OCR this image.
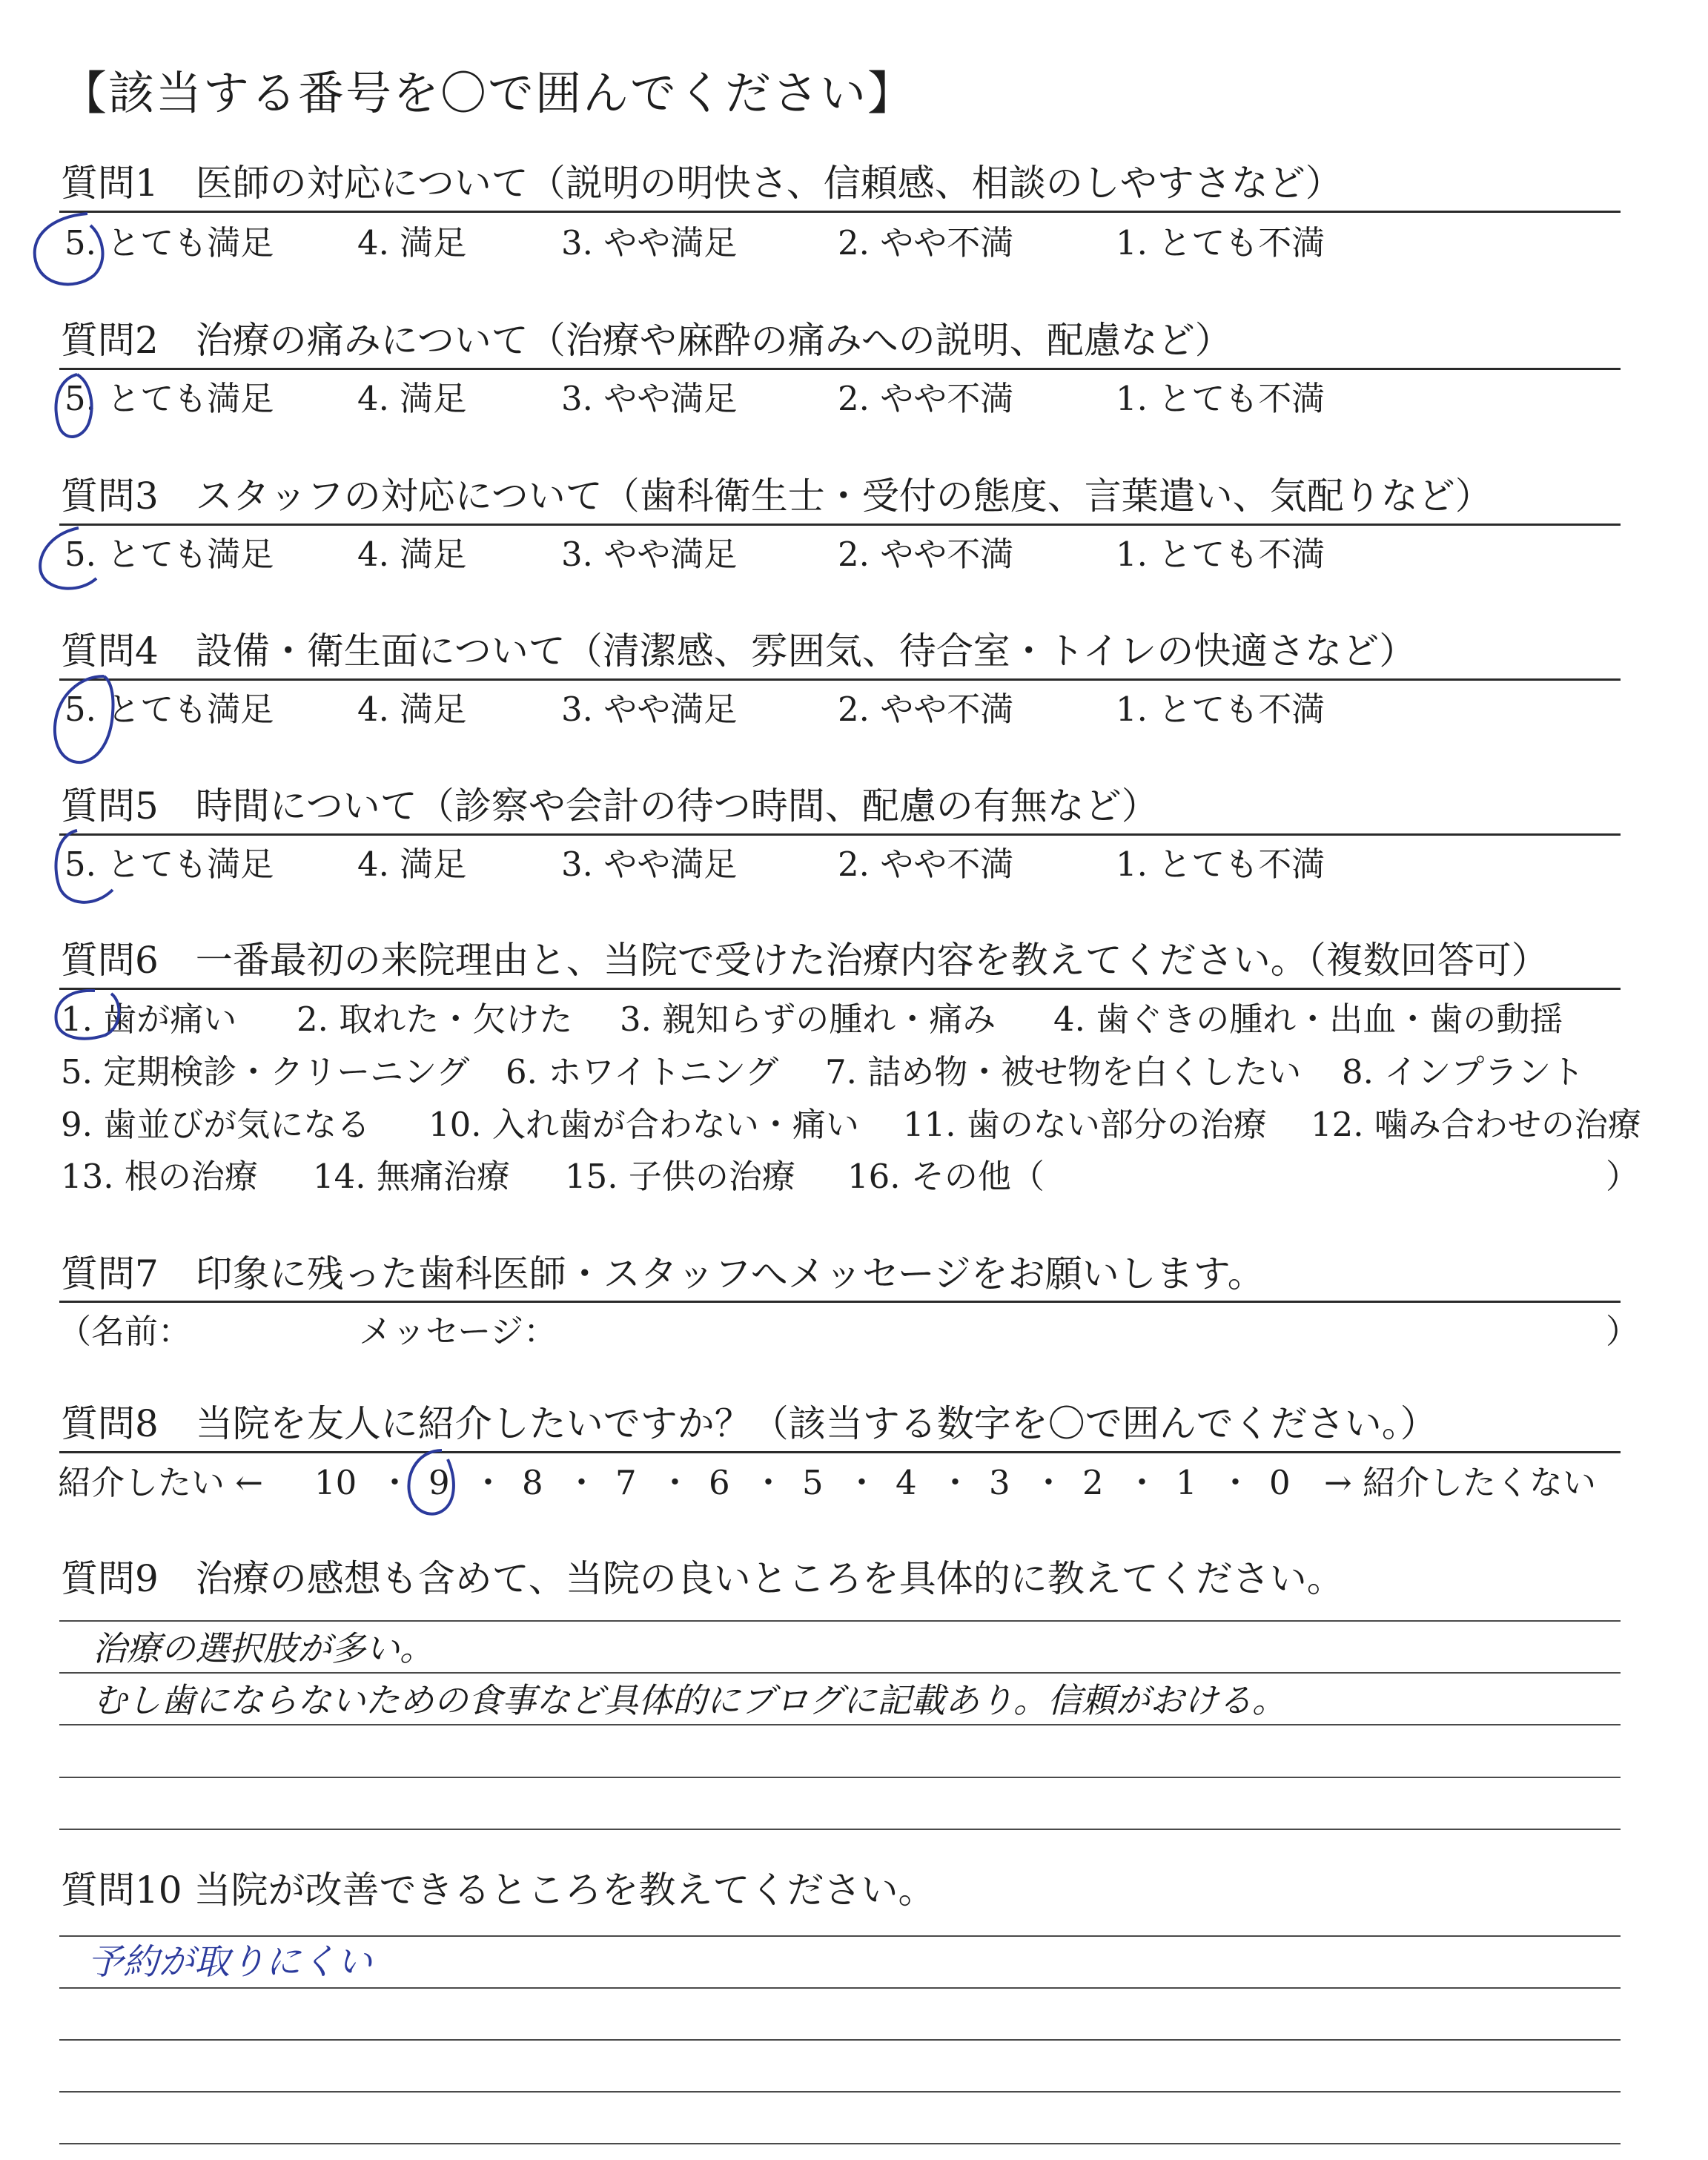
【該当する番号を〇で囲んでください】
質問1　医師の対応について（説明の明快さ、信頼感、相談のしやすさなど）
5. とても満足	4. 満足	3. やや満足	2. やや不満	1. とても不満
質問2　治療の痛みについて（治療や麻酔の痛みへの説明、配慮など）
5. とても満足	4. 満足	3. やや満足	2. やや不満	1. とても不満
質問3　スタッフの対応について（歯科衛生士・受付の態度、言葉遣い、気配りなど）
5. とても満足	4. 満足	3. やや満足	2. やや不満	1. とても不満
質問4　設備・衛生面について（清潔感、雰囲気、待合室・トイレの快適さなど）
5. とても満足	4. 満足	3. やや満足	2. やや不満	1. とても不満
質問5　時間について（診察や会計の待つ時間、配慮の有無など）
5. とても満足	4. 満足	3. やや満足	2. やや不満	1. とても不満
質問6　一番最初の来院理由と、当院で受けた治療内容を教えてください。（複数回答可）
1. 歯が痛い 2. 取れた・欠けた 3. 親知らずの腫れ・痛み 4. 歯ぐきの腫れ・出血・歯の動揺
5. 定期検診・クリーニング 6. ホワイトニング 7. 詰め物・被せ物を白くしたい 8. インプラント
9. 歯並びが気になる 10. 入れ歯が合わない・痛い 11. 歯のない部分の治療 12. 噛み合わせの治療
13. 根の治療 14. 無痛治療 15. 子供の治療 16. その他（	）
質問7　印象に残った歯科医師・スタッフへメッセージをお願いします。
（名前：	メッセージ：	）
質問8　当院を友人に紹介したいですか？（該当する数字を〇で囲んでください。）
紹介したい ← 10 ・ 9 ・ 8 ・ 7 ・ 6 ・ 5 ・ 4 ・ 3 ・ 2 ・ 1 ・ 0 → 紹介したくない
質問9　治療の感想も含めて、当院の良いところを具体的に教えてください。
治療の選択肢が多い。
むし歯にならないための食事など具体的にブログに記載あり。信頼がおける。
質問10 当院が改善できるところを教えてください。
予約が取りにくい
